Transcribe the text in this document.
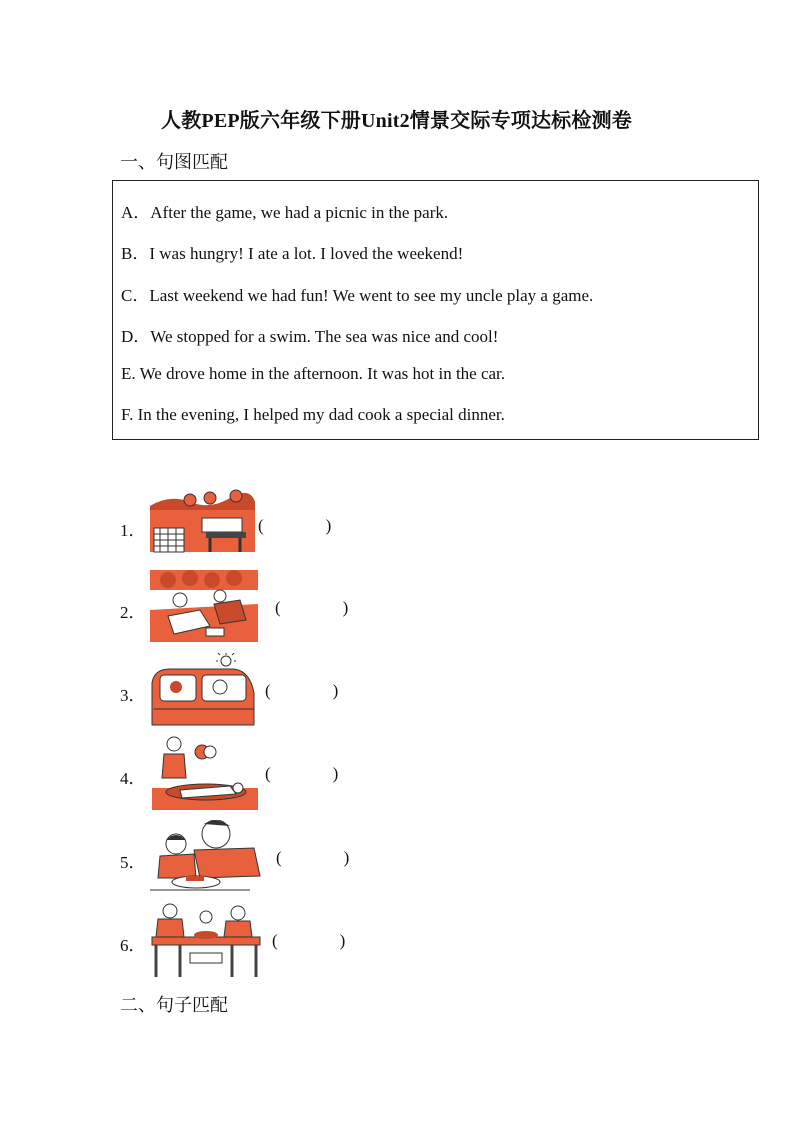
人教PEP版六年级下册Unit2情景交际专项达标检测卷
一、句图匹配
A．After the game, we had a picnic in the park.
B．I was hungry! I ate a lot. I loved the weekend!
C．Last weekend we had fun! We went to see my uncle play a game.
D．We stopped for a swim. The sea was nice and cool!
E. We drove home in the afternoon. It was hot in the car.
F. In the evening, I helped my dad cook a special dinner.
1．	(	)
2．	(	)
3．	(	)
4．	(	)
5．	(	)
6．	(	)
二、句子匹配
